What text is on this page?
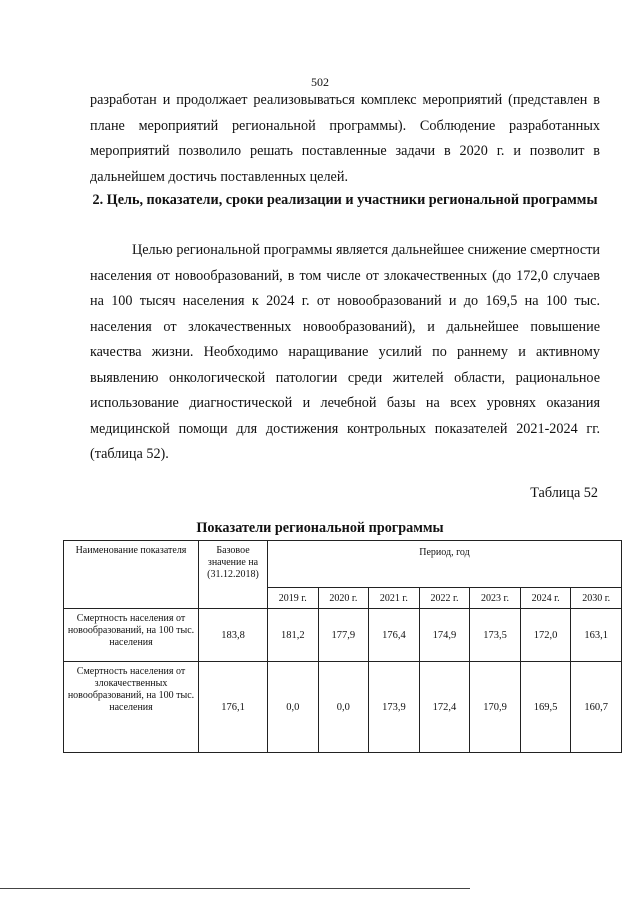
502
разработан и продолжает реализовываться комплекс мероприятий (представлен в плане мероприятий региональной программы). Соблюдение разработанных мероприятий позволило решать поставленные задачи в 2020 г. и позволит в дальнейшем достичь поставленных целей.
2. Цель, показатели, сроки реализации и участники региональной программы
Целью региональной программы является дальнейшее снижение смертности населения от новообразований, в том числе от злокачественных (до 172,0 случаев на 100 тысяч населения к 2024 г. от новообразований и до 169,5 на 100 тыс. населения от злокачественных новообразований), и дальнейшее повышение качества жизни. Необходимо наращивание усилий по раннему и активному выявлению онкологической патологии среди жителей области, рациональное использование диагностической и лечебной базы на всех уровнях оказания медицинской помощи для достижения контрольных показателей 2021-2024 гг. (таблица 52).
Таблица 52
Показатели региональной программы
Наименование показателя	Базовое значение на (31.12.2018)	Период, год						
		2019 г.	2020 г.	2021 г.	2022 г.	2023 г.	2024 г.	2030 г.
Смертность населения от новообразований, на 100 тыс. населения	183,8	181,2	177,9	176,4	174,9	173,5	172,0	163,1
Смертность населения от злокачественных новообразований, на 100 тыс. населения	176,1	0,0	0,0	173,9	172,4	170,9	169,5	160,7
